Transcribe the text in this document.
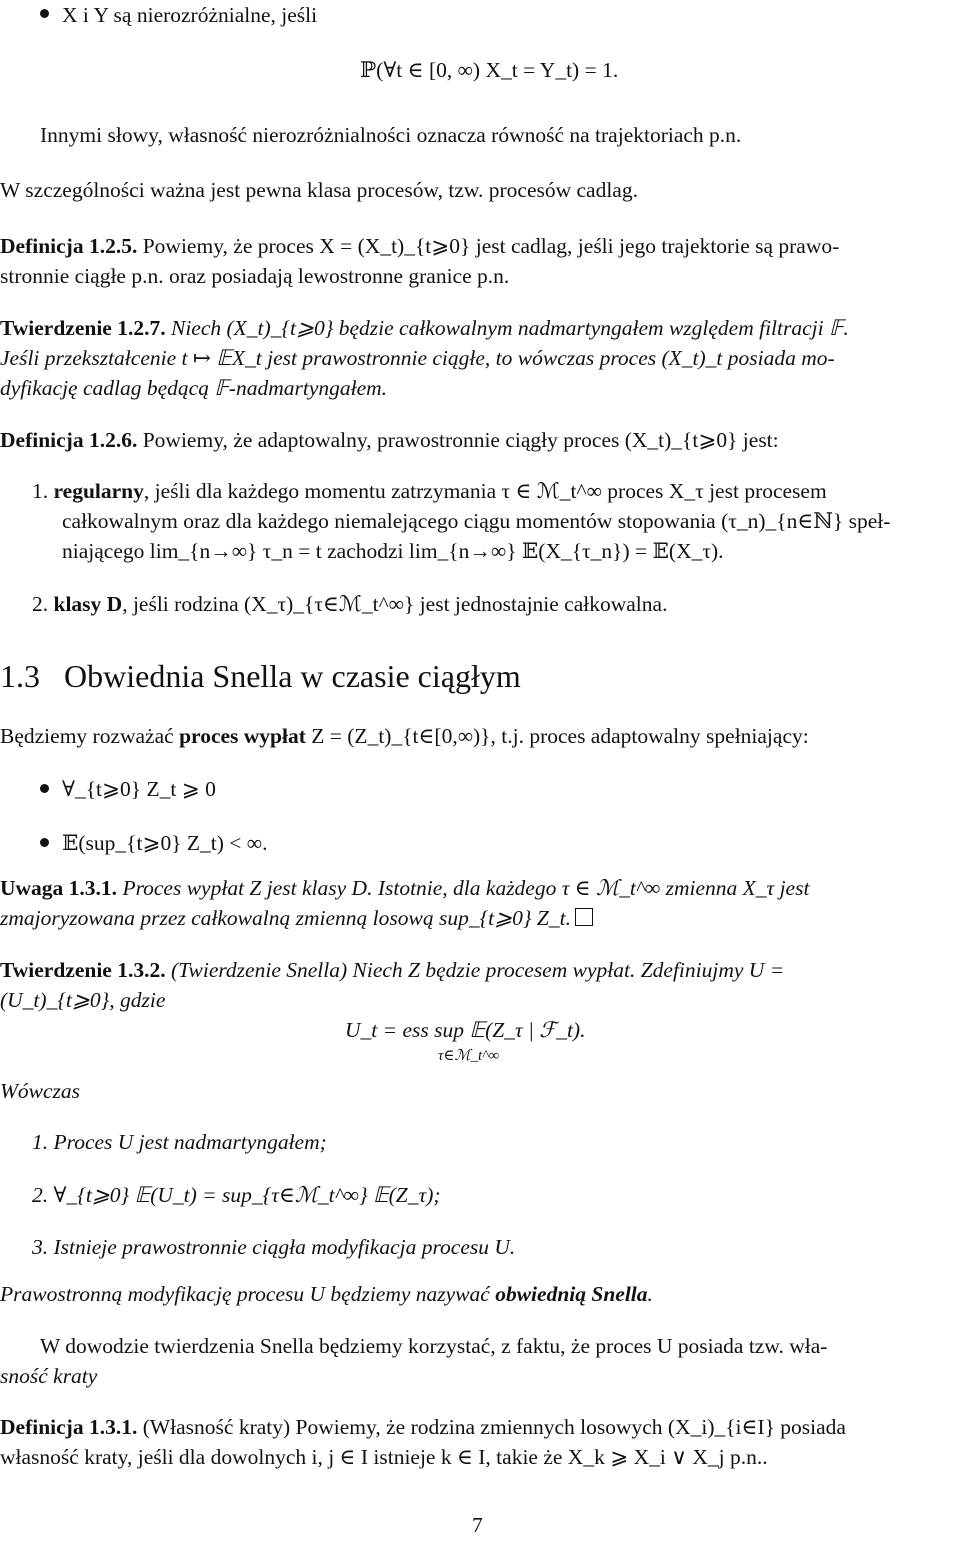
X i Y są nierozróżnialne, jeśli
ℙ(∀t ∈ [0, ∞) X_t = Y_t) = 1.
Innymi słowy, własność nierozróżnialności oznacza równość na trajektoriach p.n.
W szczególności ważna jest pewna klasa procesów, tzw. procesów cadlag.
Definicja 1.2.5. Powiemy, że proces X = (X_t)_{t⩾0} jest cadlag, jeśli jego trajektorie są prawo-
stronnie ciągłe p.n. oraz posiadają lewostronne granice p.n.
Twierdzenie 1.2.7. Niech (X_t)_{t⩾0} będzie całkowalnym nadmartyngałem względem filtracji 𝔽.
Jeśli przekształcenie t ↦ 𝔼X_t jest prawostronnie ciągłe, to wówczas proces (X_t)_t posiada mo-
dyfikację cadlag będącą 𝔽-nadmartyngałem.
Definicja 1.2.6. Powiemy, że adaptowalny, prawostronnie ciągły proces (X_t)_{t⩾0} jest:
1. regularny, jeśli dla każdego momentu zatrzymania τ ∈ ℳ_t^∞ proces X_τ jest procesem
całkowalnym oraz dla każdego niemalejącego ciągu momentów stopowania (τ_n)_{n∈ℕ} speł-
niającego lim_{n→∞} τ_n = t zachodzi lim_{n→∞} 𝔼(X_{τ_n}) = 𝔼(X_τ).
2. klasy D, jeśli rodzina (X_τ)_{τ∈ℳ_t^∞} jest jednostajnie całkowalna.
1.3 Obwiednia Snella w czasie ciągłym
Będziemy rozważać proces wypłat Z = (Z_t)_{t∈[0,∞)}, t.j. proces adaptowalny spełniający:
∀_{t⩾0} Z_t ⩾ 0
𝔼(sup_{t⩾0} Z_t) < ∞.
Uwaga 1.3.1. Proces wypłat Z jest klasy D. Istotnie, dla każdego τ ∈ ℳ_t^∞ zmienna X_τ jest
zmajoryzowana przez całkowalną zmienną losową sup_{t⩾0} Z_t.
Twierdzenie 1.3.2. (Twierdzenie Snella) Niech Z będzie procesem wypłat. Zdefiniujmy U =
(U_t)_{t⩾0}, gdzie
U_t = ess sup 𝔼(Z_τ | ℱ_t).
τ∈ℳ_t^∞
Wówczas
1. Proces U jest nadmartyngałem;
2. ∀_{t⩾0} 𝔼(U_t) = sup_{τ∈ℳ_t^∞} 𝔼(Z_τ);
3. Istnieje prawostronnie ciągła modyfikacja procesu U.
Prawostronną modyfikację procesu U będziemy nazywać obwiednią Snella.
W dowodzie twierdzenia Snella będziemy korzystać, z faktu, że proces U posiada tzw. wła-
sność kraty
Definicja 1.3.1. (Własność kraty) Powiemy, że rodzina zmiennych losowych (X_i)_{i∈I} posiada
własność kraty, jeśli dla dowolnych i, j ∈ I istnieje k ∈ I, takie że X_k ⩾ X_i ∨ X_j p.n..
7
